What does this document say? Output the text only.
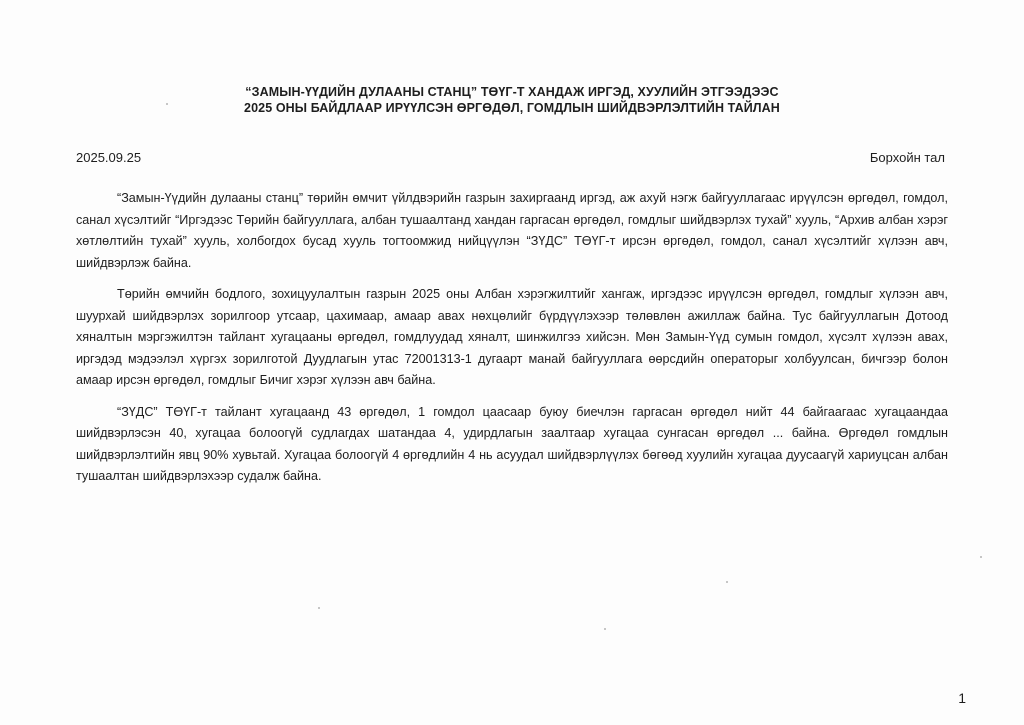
“ЗАМЫН-ҮҮДИЙН ДУЛААНЫ СТАНЦ” ТӨҮГ-Т ХАНДАЖ ИРГЭД, ХУУЛИЙН ЭТГЭЭДЭЭС
2025 ОНЫ БАЙДЛААР ИРҮҮЛСЭН ӨРГӨДӨЛ, ГОМДЛЫН ШИЙДВЭРЛЭЛТИЙН ТАЙЛАН
2025.09.25	Борхойн тал

“Замын-Үүдийн дулааны станц” төрийн өмчит үйлдвэрийн газрын захиргаанд иргэд, аж ахуй нэгж байгууллагаас ирүүлсэн өргөдөл, гомдол, санал хүсэлтийг “Иргэдээс Төрийн байгууллага, албан тушаалтанд хандан гаргасан өргөдөл, гомдлыг шийдвэрлэх тухай” хууль, “Архив албан хэрэг хөтлөлтийн тухай” хууль, холбогдох бусад хууль тогтоомжид нийцүүлэн “ЗҮДС” ТӨҮГ-т ирсэн өргөдөл, гомдол, санал хүсэлтийг хүлээн авч, шийдвэрлэж байна.

Төрийн өмчийн бодлого, зохицуулалтын газрын 2025 оны Албан хэрэгжилтийг хангаж, иргэдээс ирүүлсэн өргөдөл, гомдлыг хүлээн авч, шуурхай шийдвэрлэх зорилгоор утсаар, цахимаар, амаар авах нөхцөлийг бүрдүүлэхээр төлөвлөн ажиллаж байна. Тус байгууллагын Дотоод хяналтын мэргэжилтэн тайлант хугацааны өргөдөл, гомдлуудад хяналт, шинжилгээ хийсэн. Мөн Замын-Үүд сумын гомдол, хүсэлт хүлээн авах, иргэдэд мэдээлэл хүргэх зорилготой Дуудлагын утас 72001313-1 дугаарт манай байгууллага өөрсдийн операторыг холбуулсан, бичгээр болон амаар ирсэн өргөдөл, гомдлыг Бичиг хэрэг хүлээн авч байна.

“ЗҮДС” ТӨҮГ-т тайлант хугацаанд 43 өргөдөл, 1 гомдол цаасаар буюу биечлэн гаргасан өргөдөл нийт 44 байгаагаас хугацаандаа шийдвэрлэсэн 40, хугацаа болоогүй судлагдах шатандаа 4, удирдлагын заалтаар хугацаа сунгасан өргөдөл ... байна. Өргөдөл гомдлын шийдвэрлэлтийн явц 90% хувьтай. Хугацаа болоогүй 4 өргөдлийн 4 нь асуудал шийдвэрлүүлэх бөгөөд хуулийн хугацаа дуусаагүй хариуцсан албан тушаалтан шийдвэрлэхээр судалж байна.

1
